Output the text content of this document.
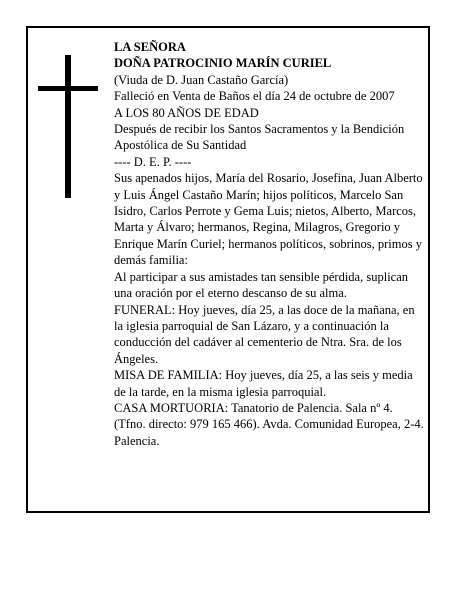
LA SEÑORA

DOÑA PATROCINIO MARÍN CURIEL

(Viuda de D. Juan Castaño García)

Falleció en Venta de Baños el día 24 de octubre de 2007

A LOS 80 AÑOS DE EDAD

Después de recibir los Santos Sacramentos y la Bendición Apostólica de Su Santidad

---- D. E. P. ----

Sus apenados hijos, María del Rosario, Josefina, Juan Alberto y Luis Ángel Castaño Marín; hijos políticos, Marcelo San Isidro, Carlos Perrote y Gema Luis; nietos, Alberto, Marcos, Marta y Álvaro; hermanos, Regina, Milagros, Gregorio y Enrique Marín Curiel; hermanos políticos, sobrinos, primos y demás familia:

Al participar a sus amistades tan sensible pérdida, suplican una oración por el eterno descanso de su alma.

FUNERAL: Hoy jueves, día 25, a las doce de la mañana, en la iglesia parroquial de San Lázaro, y a continuación la conducción del cadáver al cementerio de Ntra. Sra. de los Ángeles.

MISA DE FAMILIA: Hoy jueves, día 25, a las seis y media de la tarde, en la misma iglesia parroquial.

CASA MORTUORIA: Tanatorio de Palencia. Sala nº 4. (Tfno. directo: 979 165 466). Avda. Comunidad Europea, 2-4. Palencia.
